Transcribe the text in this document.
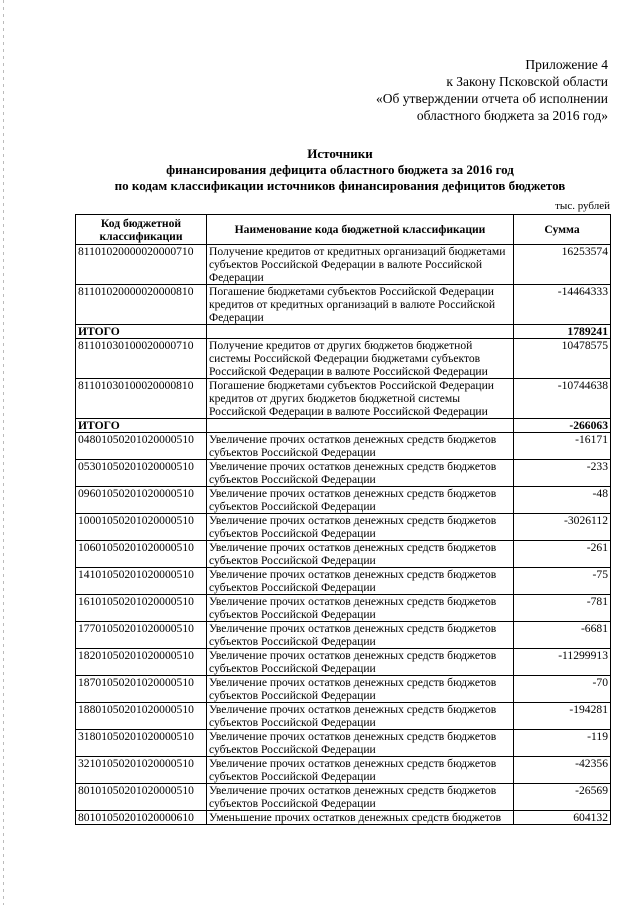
Приложение 4
к Закону Псковской области
«Об утверждении отчета об исполнении
областного бюджета за 2016 год»
Источники
финансирования дефицита областного бюджета за 2016 год
по кодам классификации источников финансирования дефицитов бюджетов
тыс. рублей
Код бюджетной классификации	Наименование кода бюджетной классификации	Сумма
81101020000020000710	Получение кредитов от кредитных организаций бюджетами субъектов Российской Федерации в валюте Российской Федерации	16253574
81101020000020000810	Погашение бюджетами субъектов Российской Федерации кредитов от кредитных организаций в валюте Российской Федерации	-14464333
ИТОГО		1789241
81101030100020000710	Получение кредитов от других бюджетов бюджетной системы Российской Федерации бюджетами субъектов Российской Федерации в валюте Российской Федерации	10478575
81101030100020000810	Погашение бюджетами субъектов Российской Федерации кредитов от других бюджетов бюджетной системы Российской Федерации в валюте Российской Федерации	-10744638
ИТОГО		-266063
04801050201020000510	Увеличение прочих остатков денежных средств бюджетов субъектов Российской Федерации	-16171
05301050201020000510	Увеличение прочих остатков денежных средств бюджетов субъектов Российской Федерации	-233
09601050201020000510	Увеличение прочих остатков денежных средств бюджетов субъектов Российской Федерации	-48
10001050201020000510	Увеличение прочих остатков денежных средств бюджетов субъектов Российской Федерации	-3026112
10601050201020000510	Увеличение прочих остатков денежных средств бюджетов субъектов Российской Федерации	-261
14101050201020000510	Увеличение прочих остатков денежных средств бюджетов субъектов Российской Федерации	-75
16101050201020000510	Увеличение прочих остатков денежных средств бюджетов субъектов Российской Федерации	-781
17701050201020000510	Увеличение прочих остатков денежных средств бюджетов субъектов Российской Федерации	-6681
18201050201020000510	Увеличение прочих остатков денежных средств бюджетов субъектов Российской Федерации	-11299913
18701050201020000510	Увеличение прочих остатков денежных средств бюджетов субъектов Российской Федерации	-70
18801050201020000510	Увеличение прочих остатков денежных средств бюджетов субъектов Российской Федерации	-194281
31801050201020000510	Увеличение прочих остатков денежных средств бюджетов субъектов Российской Федерации	-119
32101050201020000510	Увеличение прочих остатков денежных средств бюджетов субъектов Российской Федерации	-42356
80101050201020000510	Увеличение прочих остатков денежных средств бюджетов субъектов Российской Федерации	-26569
80101050201020000610	Уменьшение прочих остатков денежных средств бюджетов	604132
